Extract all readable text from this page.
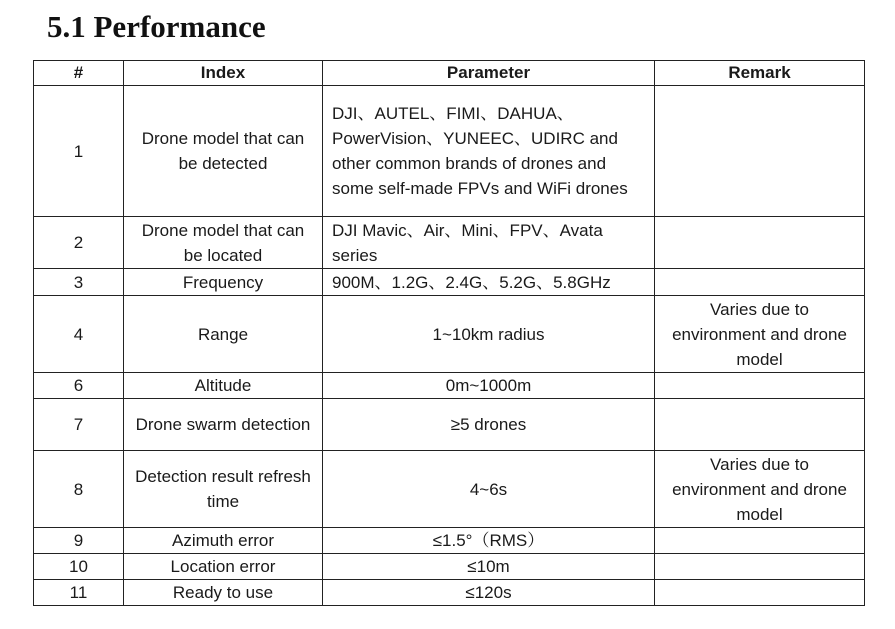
5.1 Performance
#	Index	Parameter	Remark
1	Drone model that can be detected	DJI、AUTEL、FIMI、DAHUA、PowerVision、YUNEEC、UDIRC and other common brands of drones and some self-made FPVs and WiFi drones	
2	Drone model that can be located	DJI Mavic、Air、Mini、FPV、Avata series	
3	Frequency	900M、1.2G、2.4G、5.2G、5.8GHz	
4	Range	1~10km radius	Varies due to environment and drone model
6	Altitude	0m~1000m	
7	Drone swarm detection	≥5 drones	
8	Detection result refresh time	4~6s	Varies due to environment and drone model
9	Azimuth error	≤1.5°（RMS）	
10	Location error	≤10m	
11	Ready to use	≤120s	
